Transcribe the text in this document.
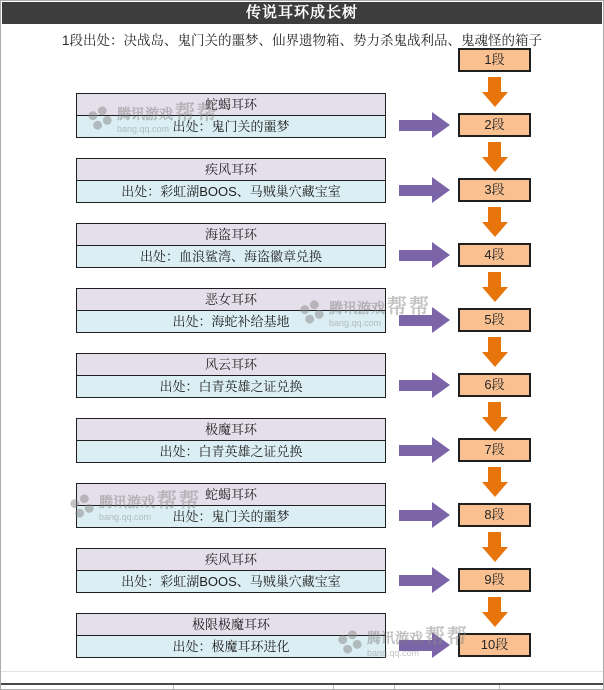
传说耳环成长树
1段出处：决战岛、鬼门关的噩梦、仙界遗物箱、势力杀鬼战利品、鬼魂怪的箱子
1段
2段
3段
4段
5段
6段
7段
8段
9段
10段
蛇蝎耳环
出处：鬼门关的噩梦
疾风耳环
出处：彩虹湖BOOS、马贼巢穴藏宝室
海盗耳环
出处：血浪鲨湾、海盗徽章兑换
恶女耳环
出处：海蛇补给基地
风云耳环
出处：白青英雄之证兑换
极魔耳环
出处：白青英雄之证兑换
蛇蝎耳环
出处：鬼门关的噩梦
疾风耳环
出处：彩虹湖BOOS、马贼巢穴藏宝室
极限极魔耳环
出处：极魔耳环进化
腾讯游戏 帮帮
bang.qq.com
腾讯游戏 帮帮
bang.qq.com
腾讯游戏 帮帮
bang.qq.com
腾讯游戏 帮帮
bang.qq.com
